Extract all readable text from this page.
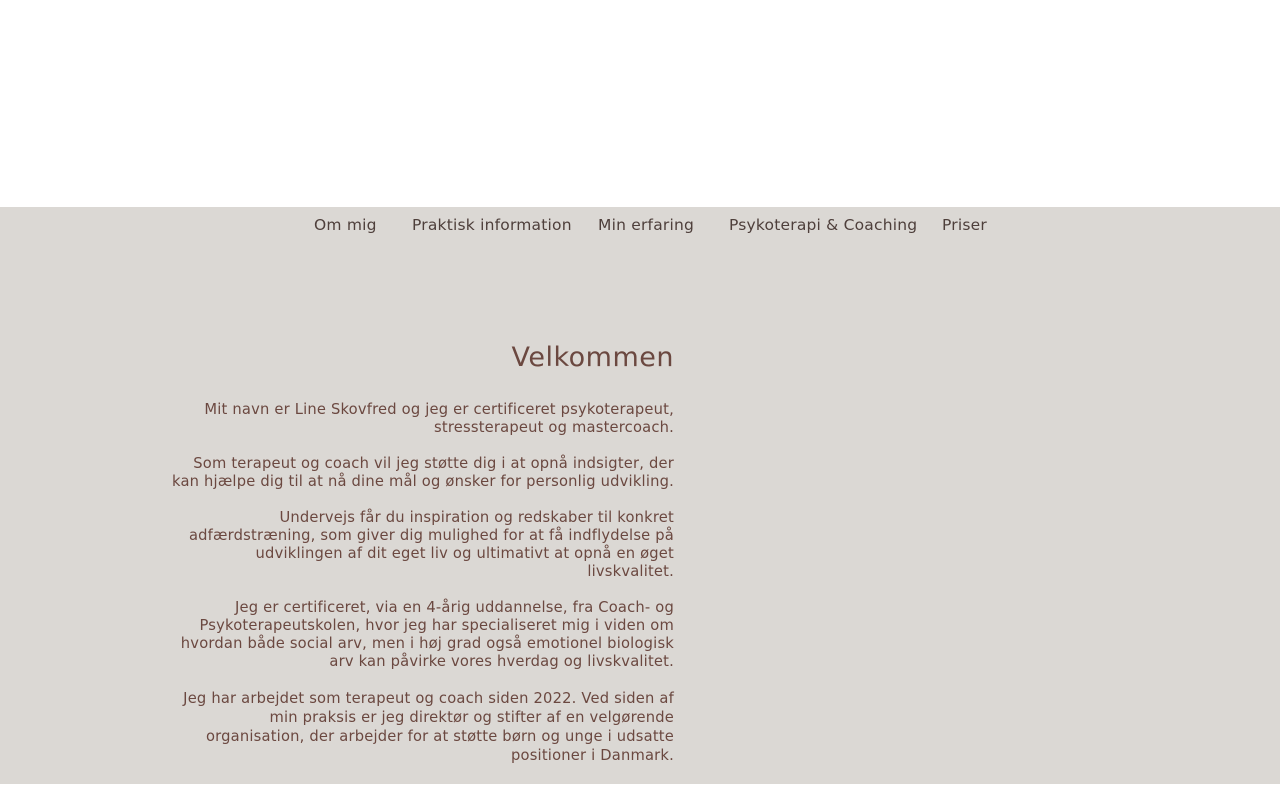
Om mig Praktisk information Min erfaring Psykoterapi & Coaching Priser
Velkommen

Mit navn er Line Skovfred og jeg er certificeret psykoterapeut,
stressterapeut og mastercoach.

Som terapeut og coach vil jeg støtte dig i at opnå indsigter, der
kan hjælpe dig til at nå dine mål og ønsker for personlig udvikling.

Undervejs får du inspiration og redskaber til konkret
adfærdstræning, som giver dig mulighed for at få indflydelse på
udviklingen af dit eget liv og ultimativt at opnå en øget
livskvalitet.

Jeg er certificeret, via en 4-årig uddannelse, fra Coach- og
Psykoterapeutskolen, hvor jeg har specialiseret mig i viden om
hvordan både social arv, men i høj grad også emotionel biologisk
arv kan påvirke vores hverdag og livskvalitet.

Jeg har arbejdet som terapeut og coach siden 2022. Ved siden af
min praksis er jeg direktør og stifter af en velgørende
organisation, der arbejder for at støtte børn og unge i udsatte
positioner i Danmark.
